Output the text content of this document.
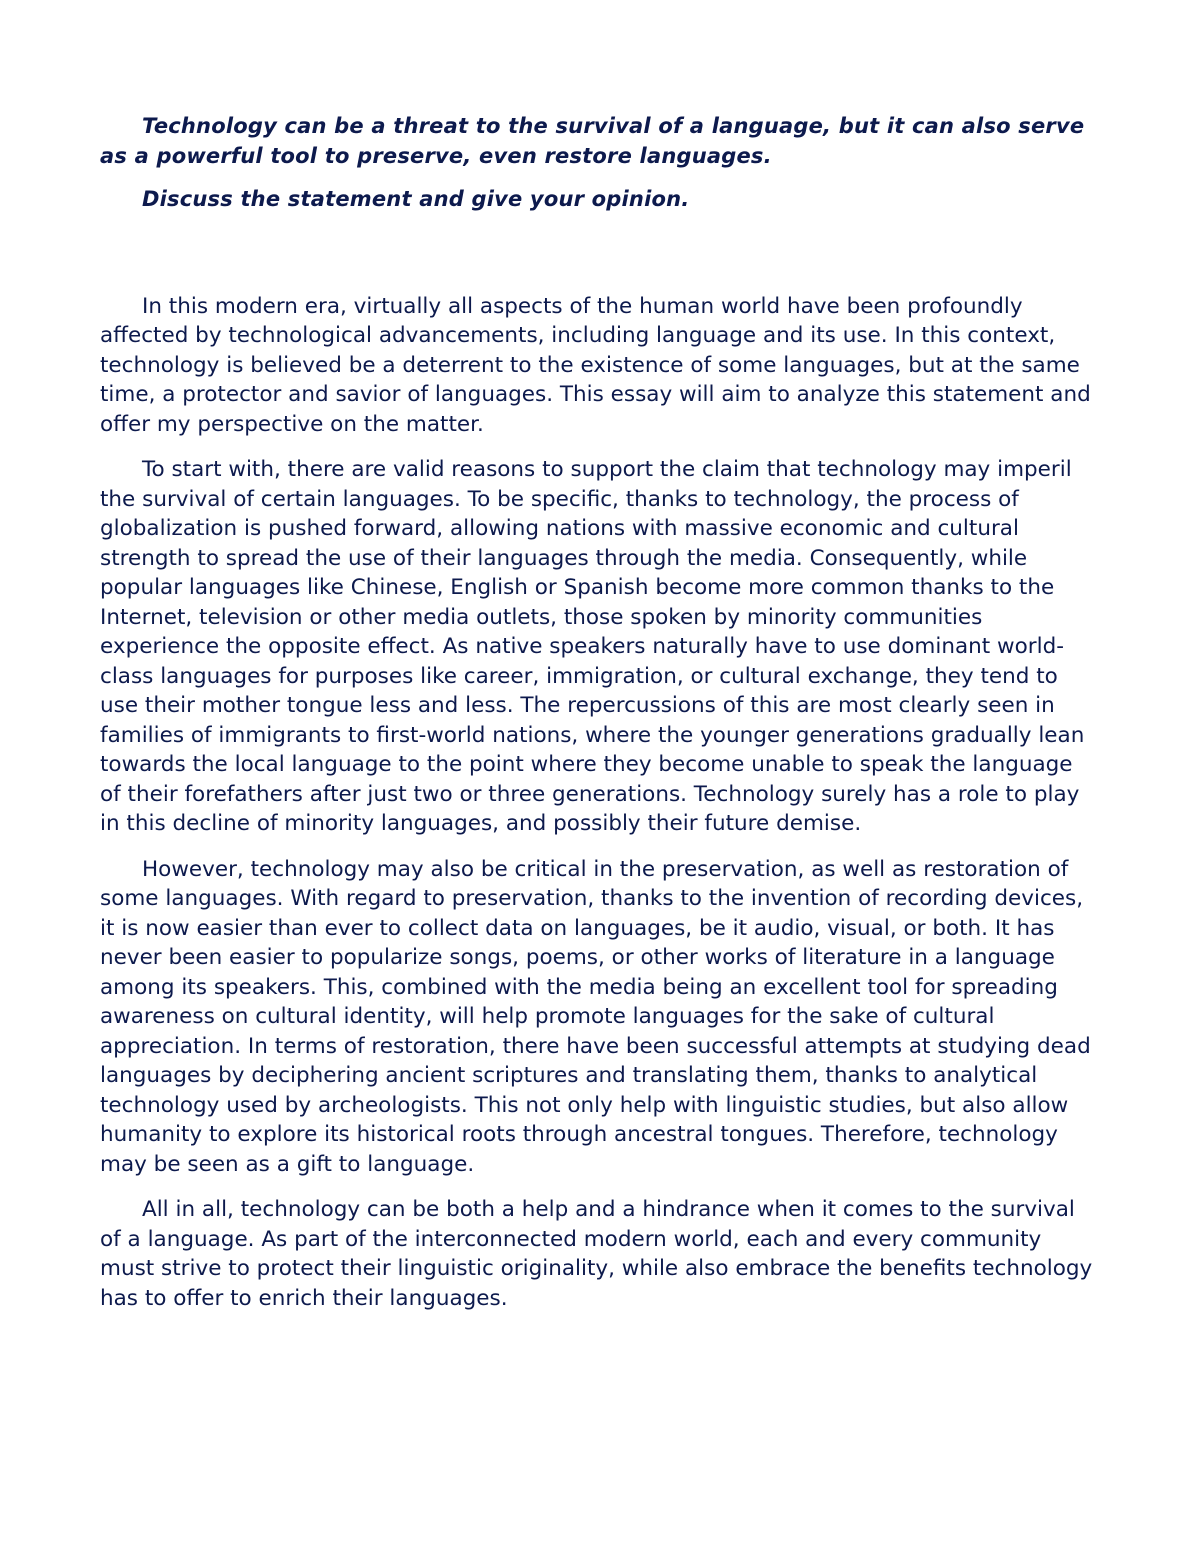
Technology can be a threat to the survival of a language, but it can also serve as a powerful tool to preserve, even restore languages.

Discuss the statement and give your opinion.

In this modern era, virtually all aspects of the human world have been profoundly affected by technological advancements, including language and its use. In this context, technology is believed be a deterrent to the existence of some languages, but at the same time, a protector and savior of languages. This essay will aim to analyze this statement and offer my perspective on the matter.

To start with, there are valid reasons to support the claim that technology may imperil the survival of certain languages. To be specific, thanks to technology, the process of globalization is pushed forward, allowing nations with massive economic and cultural strength to spread the use of their languages through the media. Consequently, while popular languages like Chinese, English or Spanish become more common thanks to the Internet, television or other media outlets, those spoken by minority communities experience the opposite effect. As native speakers naturally have to use dominant world-class languages for purposes like career, immigration, or cultural exchange, they tend to use their mother tongue less and less. The repercussions of this are most clearly seen in families of immigrants to first-world nations, where the younger generations gradually lean towards the local language to the point where they become unable to speak the language of their forefathers after just two or three generations. Technology surely has a role to play in this decline of minority languages, and possibly their future demise.

However, technology may also be critical in the preservation, as well as restoration of some languages. With regard to preservation, thanks to the invention of recording devices, it is now easier than ever to collect data on languages, be it audio, visual, or both. It has never been easier to popularize songs, poems, or other works of literature in a language among its speakers. This, combined with the media being an excellent tool for spreading awareness on cultural identity, will help promote languages for the sake of cultural appreciation. In terms of restoration, there have been successful attempts at studying dead languages by deciphering ancient scriptures and translating them, thanks to analytical technology used by archeologists. This not only help with linguistic studies, but also allow humanity to explore its historical roots through ancestral tongues. Therefore, technology may be seen as a gift to language.

All in all, technology can be both a help and a hindrance when it comes to the survival of a language. As part of the interconnected modern world, each and every community must strive to protect their linguistic originality, while also embrace the benefits technology has to offer to enrich their languages.
